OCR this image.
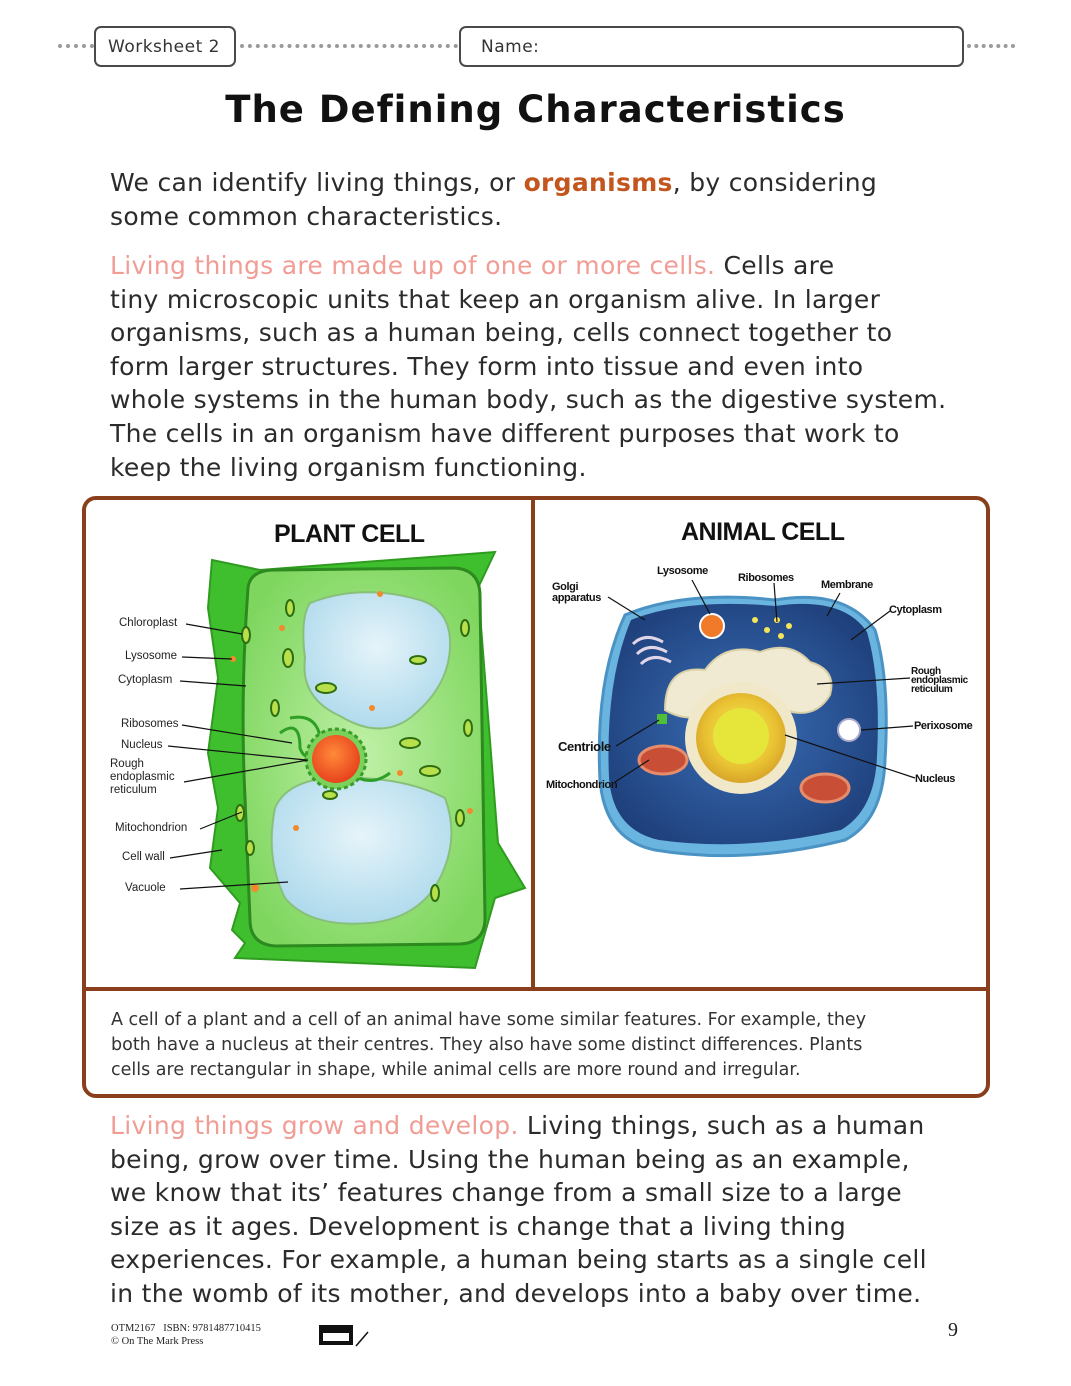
Worksheet 2	Name:
The Defining Characteristics
We can identify living things, or organisms, by considering
some common characteristics.
Living things are made up of one or more cells. Cells are
tiny microscopic units that keep an organism alive. In larger
organisms, such as a human being, cells connect together to
form larger structures. They form into tissue and even into
whole systems in the human body, such as the digestive system.
The cells in an organism have different purposes that work to
keep the living organism functioning.
PLANT CELL
Chloroplast
Lysosome
Cytoplasm
Ribosomes
Nucleus
Rough
endoplasmic
reticulum
Mitochondrion
Cell wall
Vacuole
ANIMAL CELL
Lysosome
Ribosomes
Membrane
Golgi
apparatus
Cytoplasm
Rough
endoplasmic
reticulum
Perixosome
Centriole
Nucleus
Mitochondrion
A cell of a plant and a cell of an animal have some similar features. For example, they
both have a nucleus at their centres. They also have some distinct differences. Plants
cells are rectangular in shape, while animal cells are more round and irregular.
Living things grow and develop. Living things, such as a human
being, grow over time. Using the human being as an example,
we know that its’ features change from a small size to a large
size as it ages. Development is change that a living thing
experiences. For example, a human being starts as a single cell
in the womb of its mother, and develops into a baby over time.
OTM2167 ISBN: 9781487710415
© On The Mark Press
9
